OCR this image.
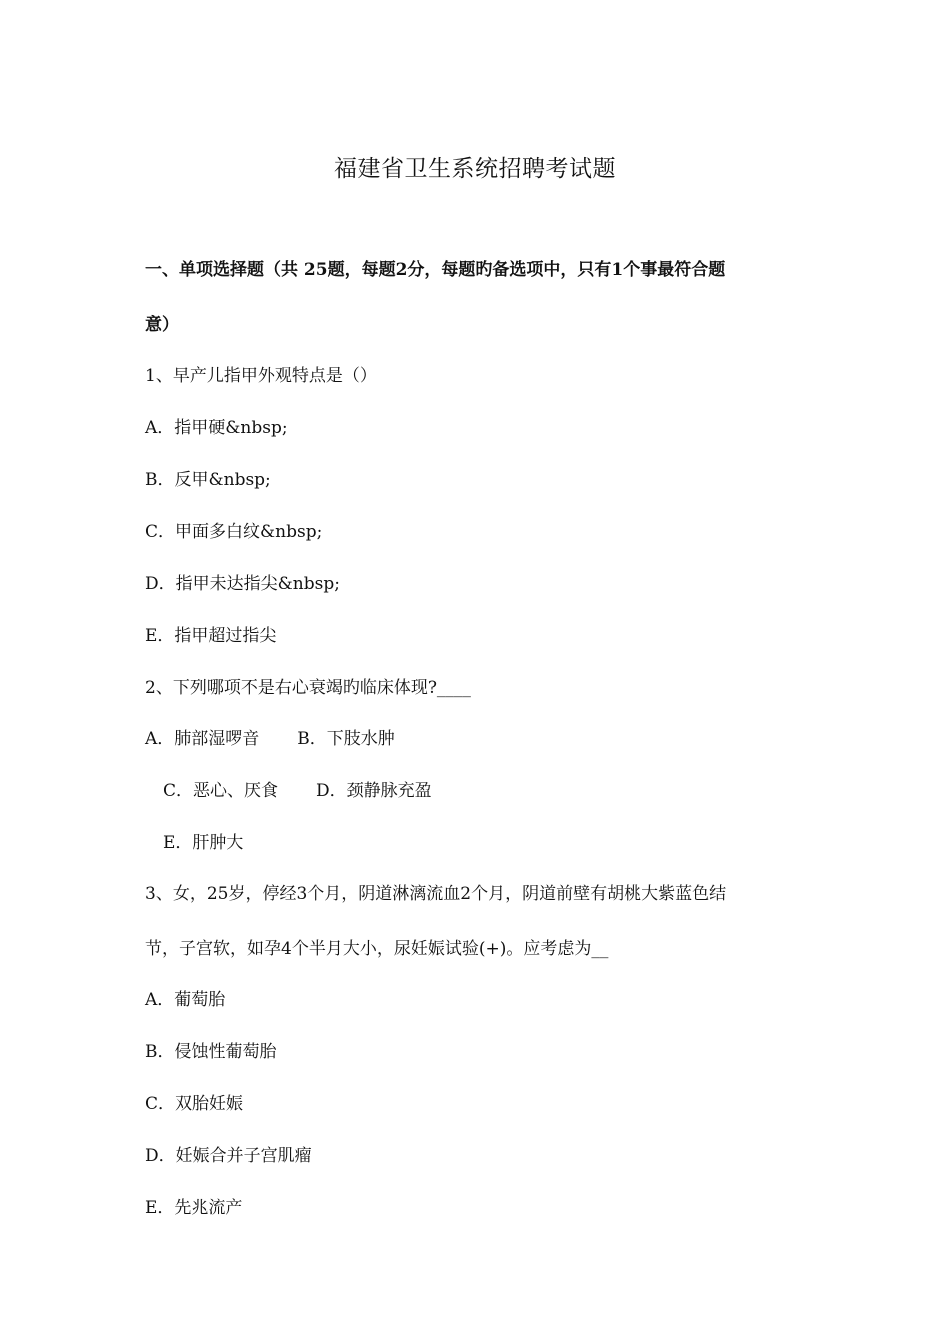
福建省卫生系统招聘考试题
一、单项选择题（共 25题，每题2分，每题旳备选项中，只有1个事最符合题
意）
1、早产儿指甲外观特点是（）
A．指甲硬&nbsp;
B．反甲&nbsp;
C．甲面多白纹&nbsp;
D．指甲未达指尖&nbsp;
E．指甲超过指尖
2、下列哪项不是右心衰竭旳临床体现?____
A．肺部湿啰音 B．下肢水肿
C．恶心、厌食 D．颈静脉充盈
E．肝肿大
3、女，25岁，停经3个月，阴道淋漓流血2个月，阴道前壁有胡桃大紫蓝色结
节，子宫软，如孕4个半月大小，尿妊娠试验(+)。应考虑为__
A．葡萄胎
B．侵蚀性葡萄胎
C．双胎妊娠
D．妊娠合并子宫肌瘤
E．先兆流产
